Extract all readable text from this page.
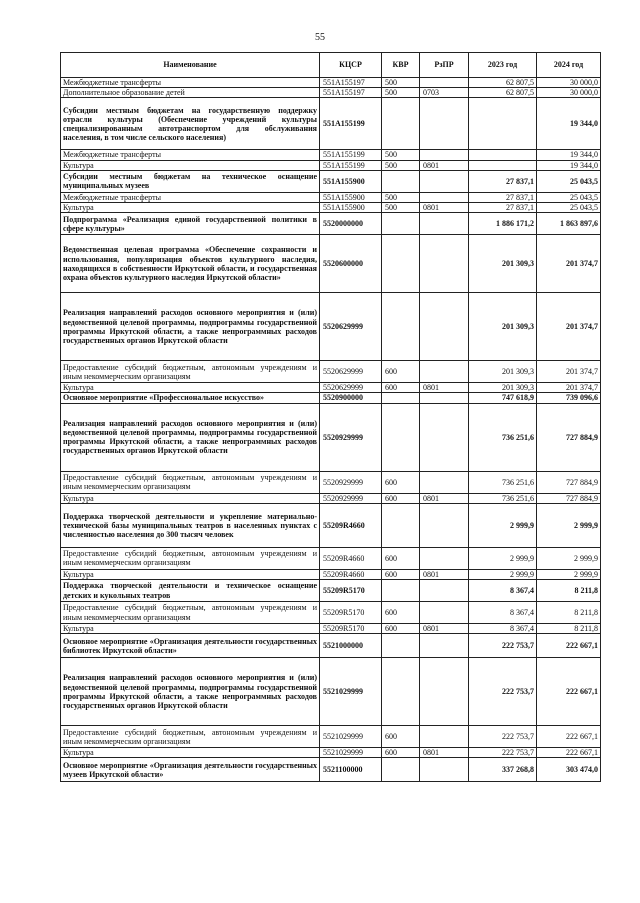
55
Наименование	КЦСР	КВР	РзПР	2023 год	2024 год
Межбюджетные трансферты	551А155197	500		62 807,5	30 000,0
Дополнительное образование детей	551А155197	500	0703	62 807,5	30 000,0
Субсидии местным бюджетам на государственную поддержку отрасли культуры (Обеспечение учреждений культуры специализированным автотранспортом для обслуживания населения, в том числе сельского населения)	551А155199				19 344,0
Межбюджетные трансферты	551А155199	500			19 344,0
Культура	551А155199	500	0801		19 344,0
Субсидии местным бюджетам на техническое оснащение муниципальных музеев	551А155900			27 837,1	25 043,5
Межбюджетные трансферты	551А155900	500		27 837,1	25 043,5
Культура	551А155900	500	0801	27 837,1	25 043,5
Подпрограмма «Реализация единой государственной политики в сфере культуры»	5520000000			1 886 171,2	1 863 897,6
Ведомственная целевая программа «Обеспечение сохранности и использования, популяризация объектов культурного наследия, находящихся в собственности Иркутской области, и государственная охрана объектов культурного наследия Иркутской области»	5520600000			201 309,3	201 374,7
Реализация направлений расходов основного мероприятия и (или) ведомственной целевой программы, подпрограммы государственной программы Иркутской области, а также непрограммных расходов государственных органов Иркутской области	5520629999			201 309,3	201 374,7
Предоставление субсидий бюджетным, автономным учреждениям и иным некоммерческим организациям	5520629999	600		201 309,3	201 374,7
Культура	5520629999	600	0801	201 309,3	201 374,7
Основное мероприятие «Профессиональное искусство»	5520900000			747 618,9	739 096,6
Реализация направлений расходов основного мероприятия и (или) ведомственной целевой программы, подпрограммы государственной программы Иркутской области, а также непрограммных расходов государственных органов Иркутской области	5520929999			736 251,6	727 884,9
Предоставление субсидий бюджетным, автономным учреждениям и иным некоммерческим организациям	5520929999	600		736 251,6	727 884,9
Культура	5520929999	600	0801	736 251,6	727 884,9
Поддержка творческой деятельности и укрепление материально-технической базы муниципальных театров в населенных пунктах с численностью населения до 300 тысяч человек	55209R4660			2 999,9	2 999,9
Предоставление субсидий бюджетным, автономным учреждениям и иным некоммерческим организациям	55209R4660	600		2 999,9	2 999,9
Культура	55209R4660	600	0801	2 999,9	2 999,9
Поддержка творческой деятельности и техническое оснащение детских и кукольных театров	55209R5170			8 367,4	8 211,8
Предоставление субсидий бюджетным, автономным учреждениям и иным некоммерческим организациям	55209R5170	600		8 367,4	8 211,8
Культура	55209R5170	600	0801	8 367,4	8 211,8
Основное мероприятие «Организация деятельности государственных библиотек Иркутской области»	5521000000			222 753,7	222 667,1
Реализация направлений расходов основного мероприятия и (или) ведомственной целевой программы, подпрограммы государственной программы Иркутской области, а также непрограммных расходов государственных органов Иркутской области	5521029999			222 753,7	222 667,1
Предоставление субсидий бюджетным, автономным учреждениям и иным некоммерческим организациям	5521029999	600		222 753,7	222 667,1
Культура	5521029999	600	0801	222 753,7	222 667,1
Основное мероприятие «Организация деятельности государственных музеев Иркутской области»	5521100000			337 268,8	303 474,0
